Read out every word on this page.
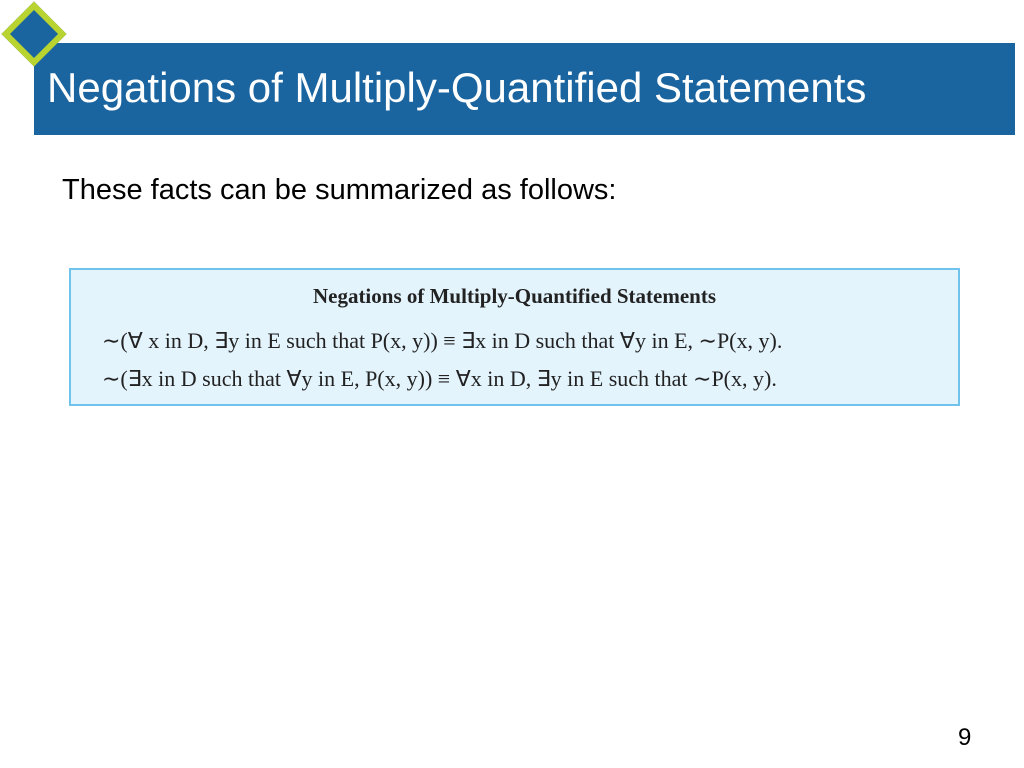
Negations of Multiply-Quantified Statements
These facts can be summarized as follows:
Negations of Multiply-Quantified Statements
∼(∀ x in D, ∃y in E such that P(x, y)) ≡ ∃x in D such that ∀y in E, ∼P(x, y).
∼(∃x in D such that ∀y in E, P(x, y)) ≡ ∀x in D, ∃y in E such that ∼P(x, y).
9
